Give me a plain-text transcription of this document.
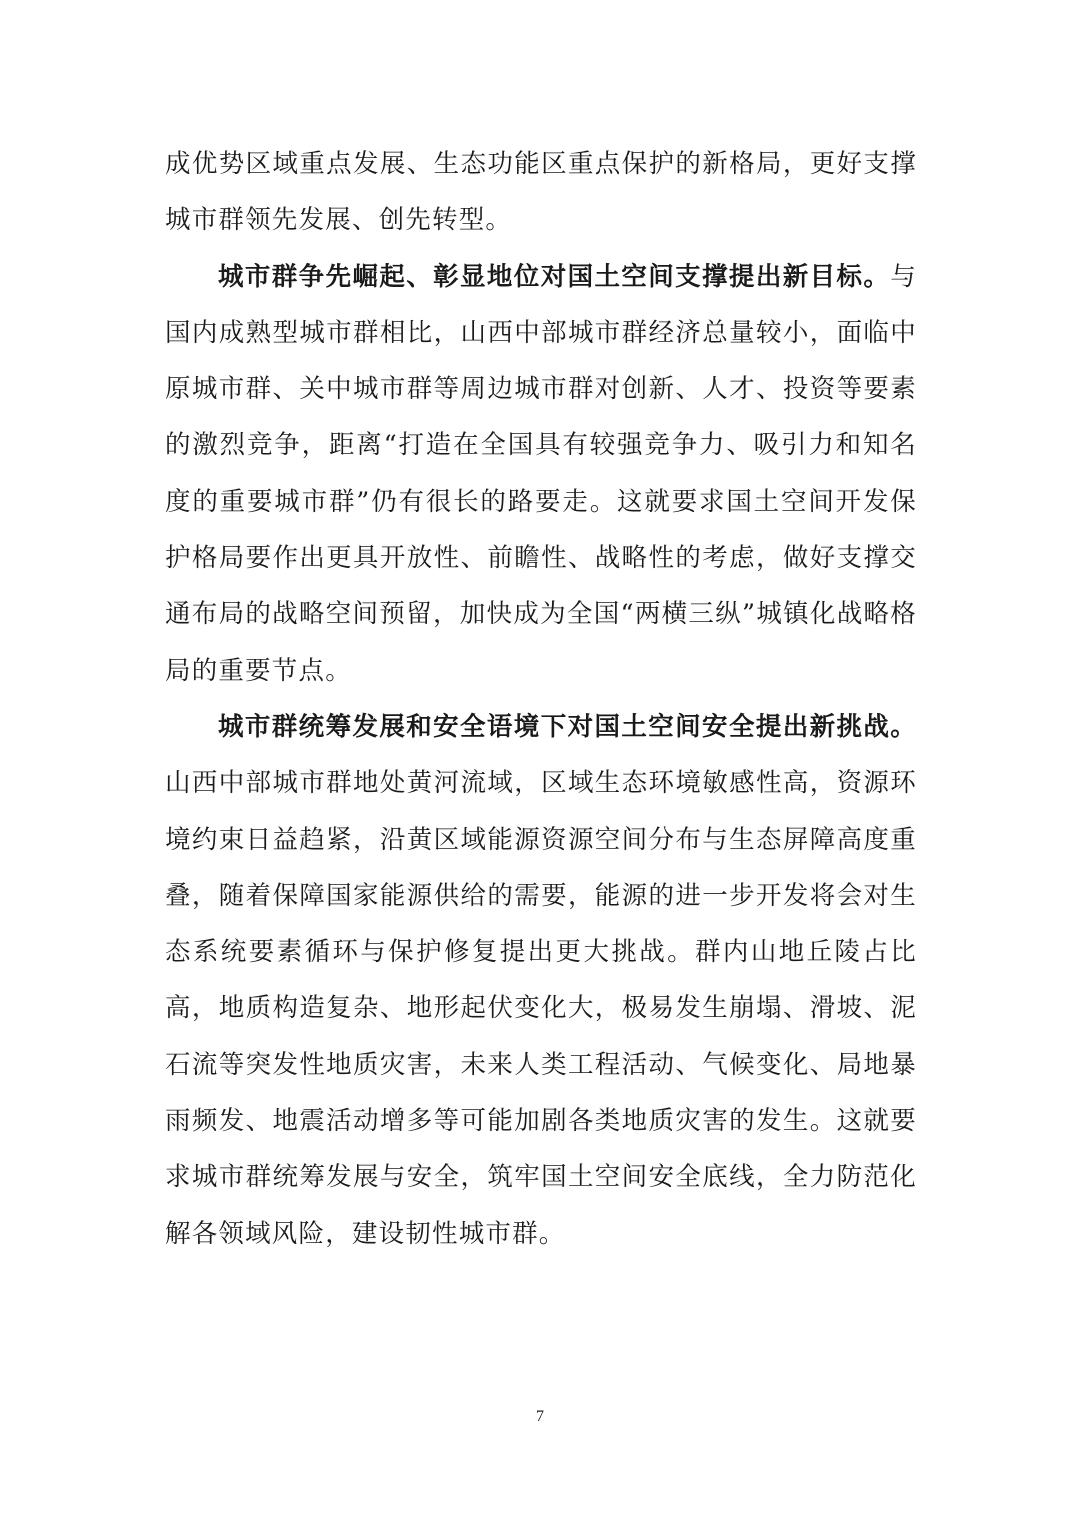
成优势区域重点发展、生态功能区重点保护的新格局，更好支撑城市群领先发展、创先转型。

城市群争先崛起、彰显地位对国土空间支撑提出新目标。与国内成熟型城市群相比，山西中部城市群经济总量较小，面临中原城市群、关中城市群等周边城市群对创新、人才、投资等要素的激烈竞争，距离“打造在全国具有较强竞争力、吸引力和知名度的重要城市群”仍有很长的路要走。这就要求国土空间开发保护格局要作出更具开放性、前瞻性、战略性的考虑，做好支撑交通布局的战略空间预留，加快成为全国“两横三纵”城镇化战略格局的重要节点。

城市群统筹发展和安全语境下对国土空间安全提出新挑战。山西中部城市群地处黄河流域，区域生态环境敏感性高，资源环境约束日益趋紧，沿黄区域能源资源空间分布与生态屏障高度重叠，随着保障国家能源供给的需要，能源的进一步开发将会对生态系统要素循环与保护修复提出更大挑战。群内山地丘陵占比高，地质构造复杂、地形起伏变化大，极易发生崩塌、滑坡、泥石流等突发性地质灾害，未来人类工程活动、气候变化、局地暴雨频发、地震活动增多等可能加剧各类地质灾害的发生。这就要求城市群统筹发展与安全，筑牢国土空间安全底线，全力防范化解各领域风险，建设韧性城市群。

7
